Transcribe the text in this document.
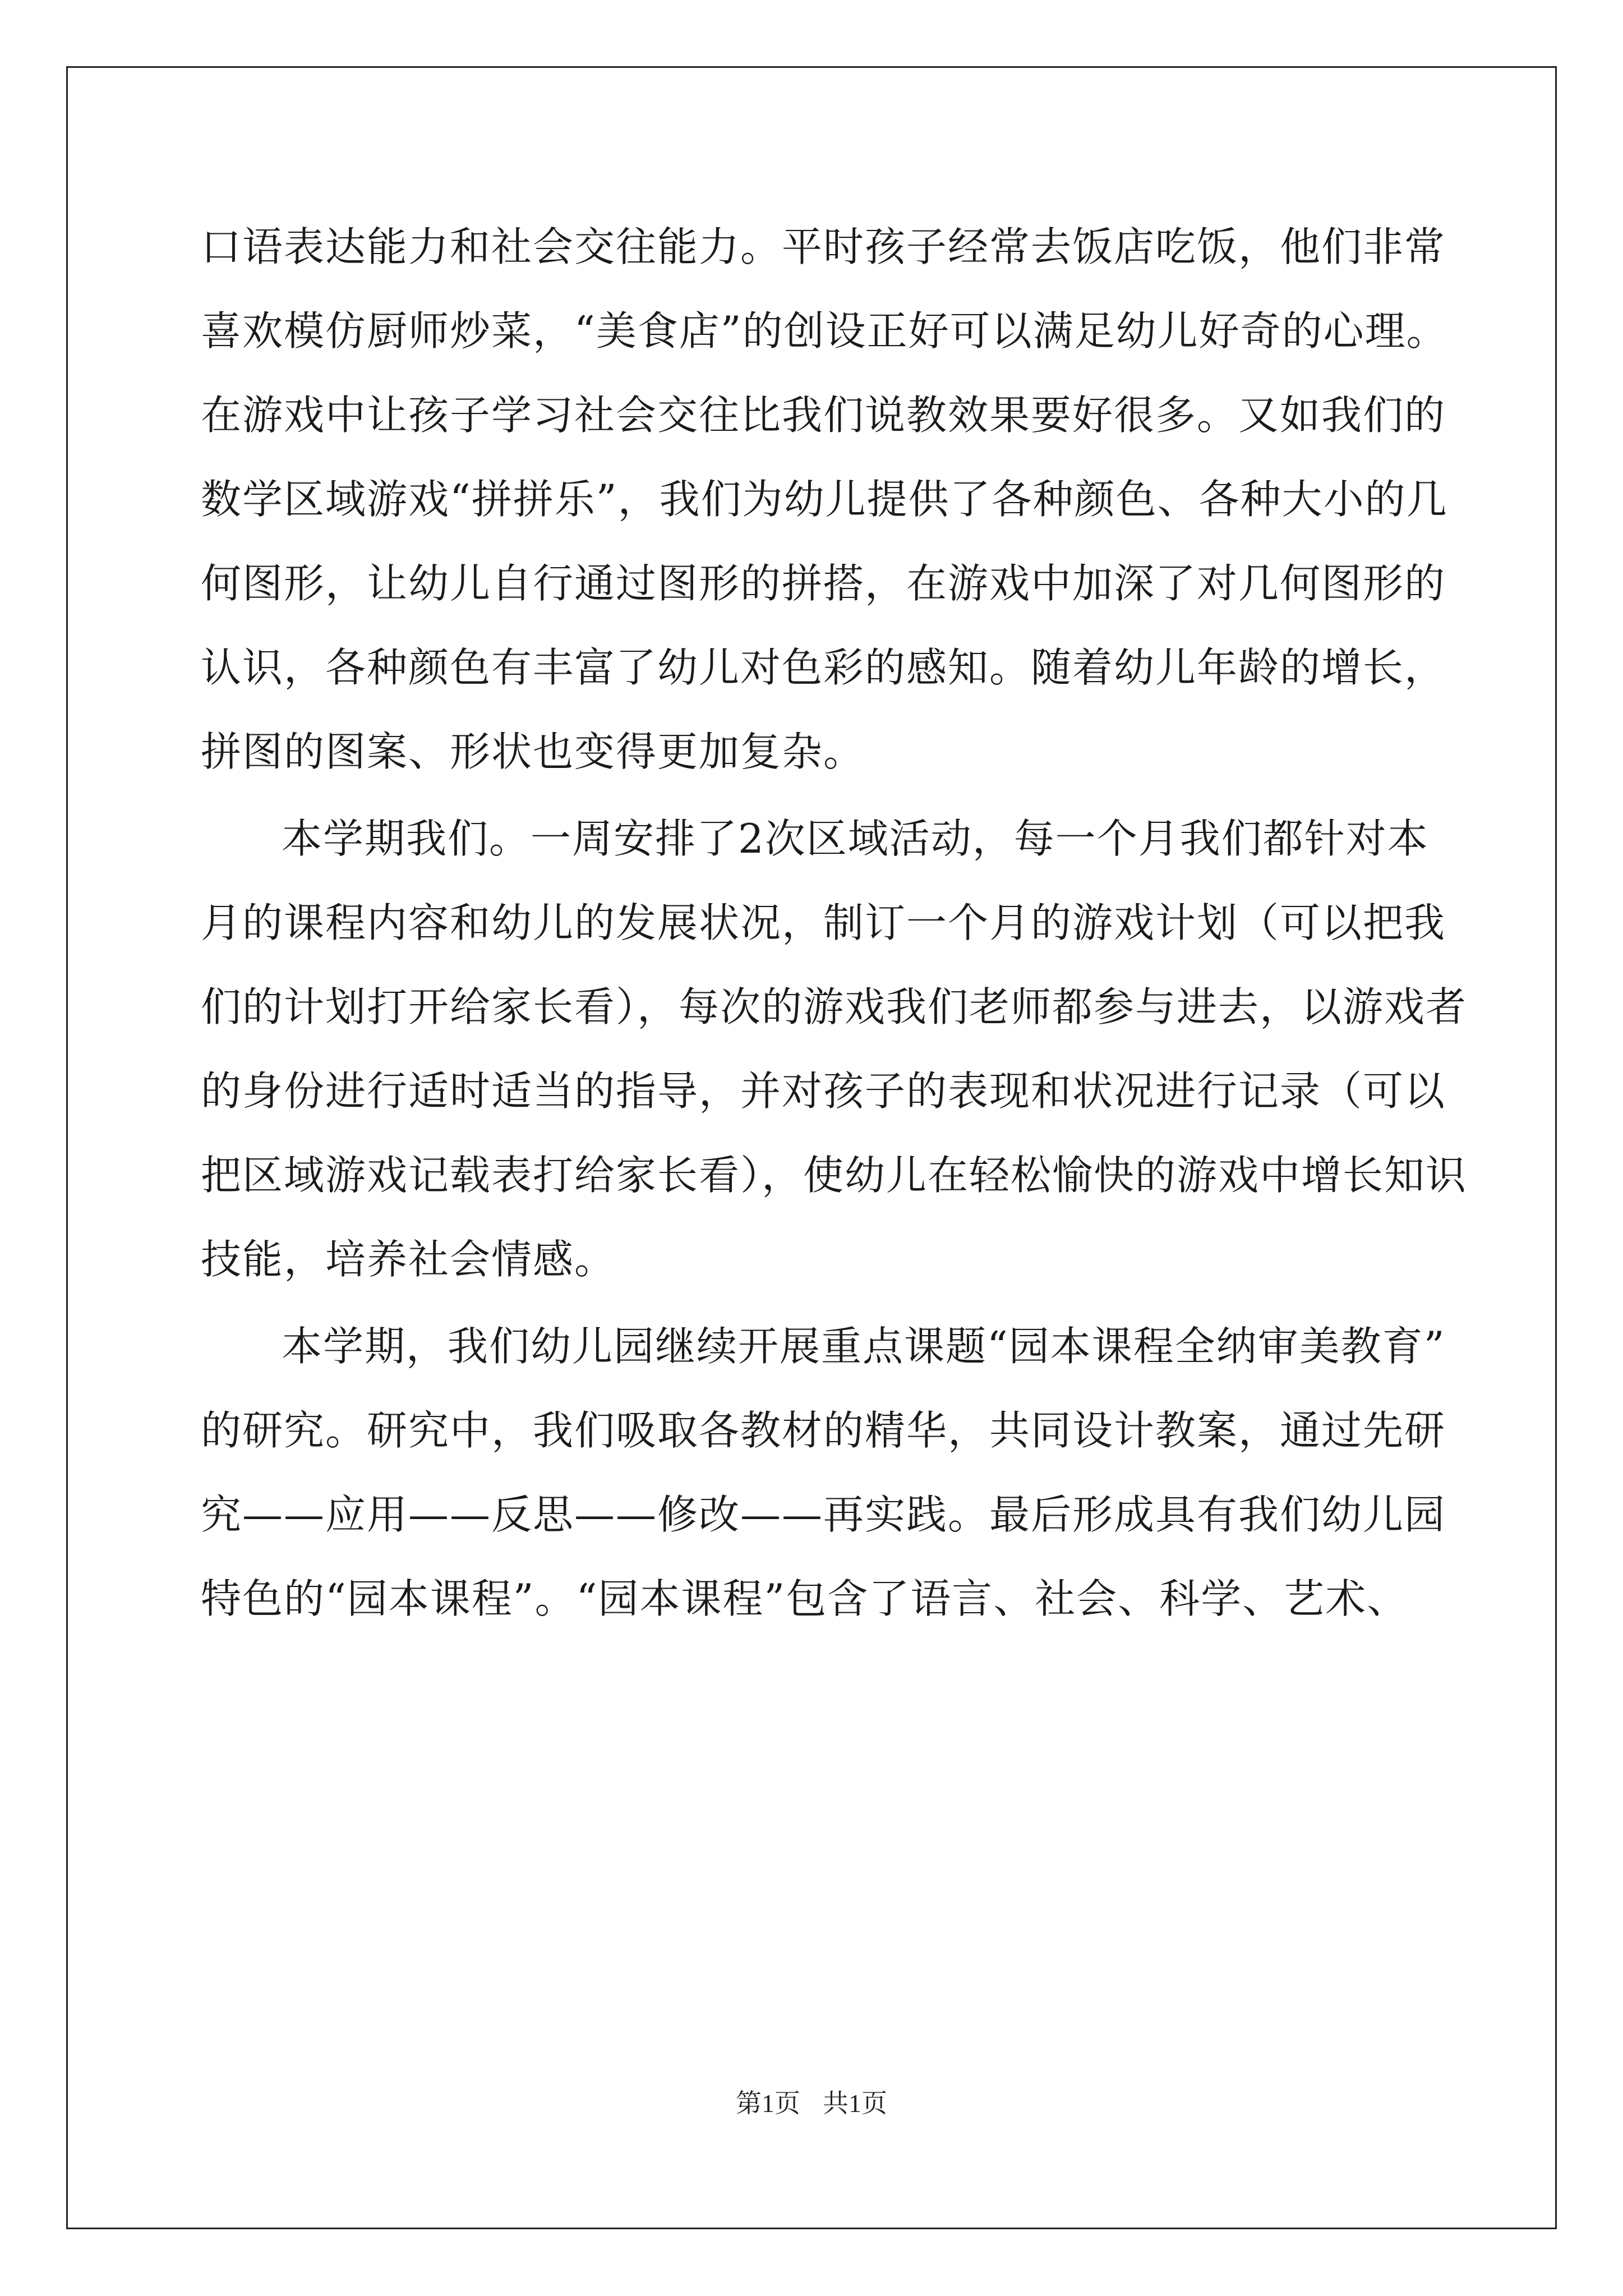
口语表达能力和社会交往能力。平时孩子经常去饭店吃饭，他们非常
喜欢模仿厨师炒菜，“美食店”的创设正好可以满足幼儿好奇的心理。
在游戏中让孩子学习社会交往比我们说教效果要好很多。又如我们的
数学区域游戏“拼拼乐”，我们为幼儿提供了各种颜色、各种大小的几
何图形，让幼儿自行通过图形的拼搭，在游戏中加深了对几何图形的
认识，各种颜色有丰富了幼儿对色彩的感知。随着幼儿年龄的增长，
拼图的图案、形状也变得更加复杂。
本学期我们。一周安排了2次区域活动，每一个月我们都针对本
月的课程内容和幼儿的发展状况，制订一个月的游戏计划（可以把我
们的计划打开给家长看），每次的游戏我们老师都参与进去，以游戏者
的身份进行适时适当的指导，并对孩子的表现和状况进行记录（可以
把区域游戏记载表打给家长看），使幼儿在轻松愉快的游戏中增长知识
技能，培养社会情感。
本学期，我们幼儿园继续开展重点课题“园本课程全纳审美教育”
的研究。研究中，我们吸取各教材的精华，共同设计教案，通过先研
究——应用——反思——修改——再实践。最后形成具有我们幼儿园
特色的“园本课程”。“园本课程”包含了语言、社会、科学、艺术、
第1页 共1页
